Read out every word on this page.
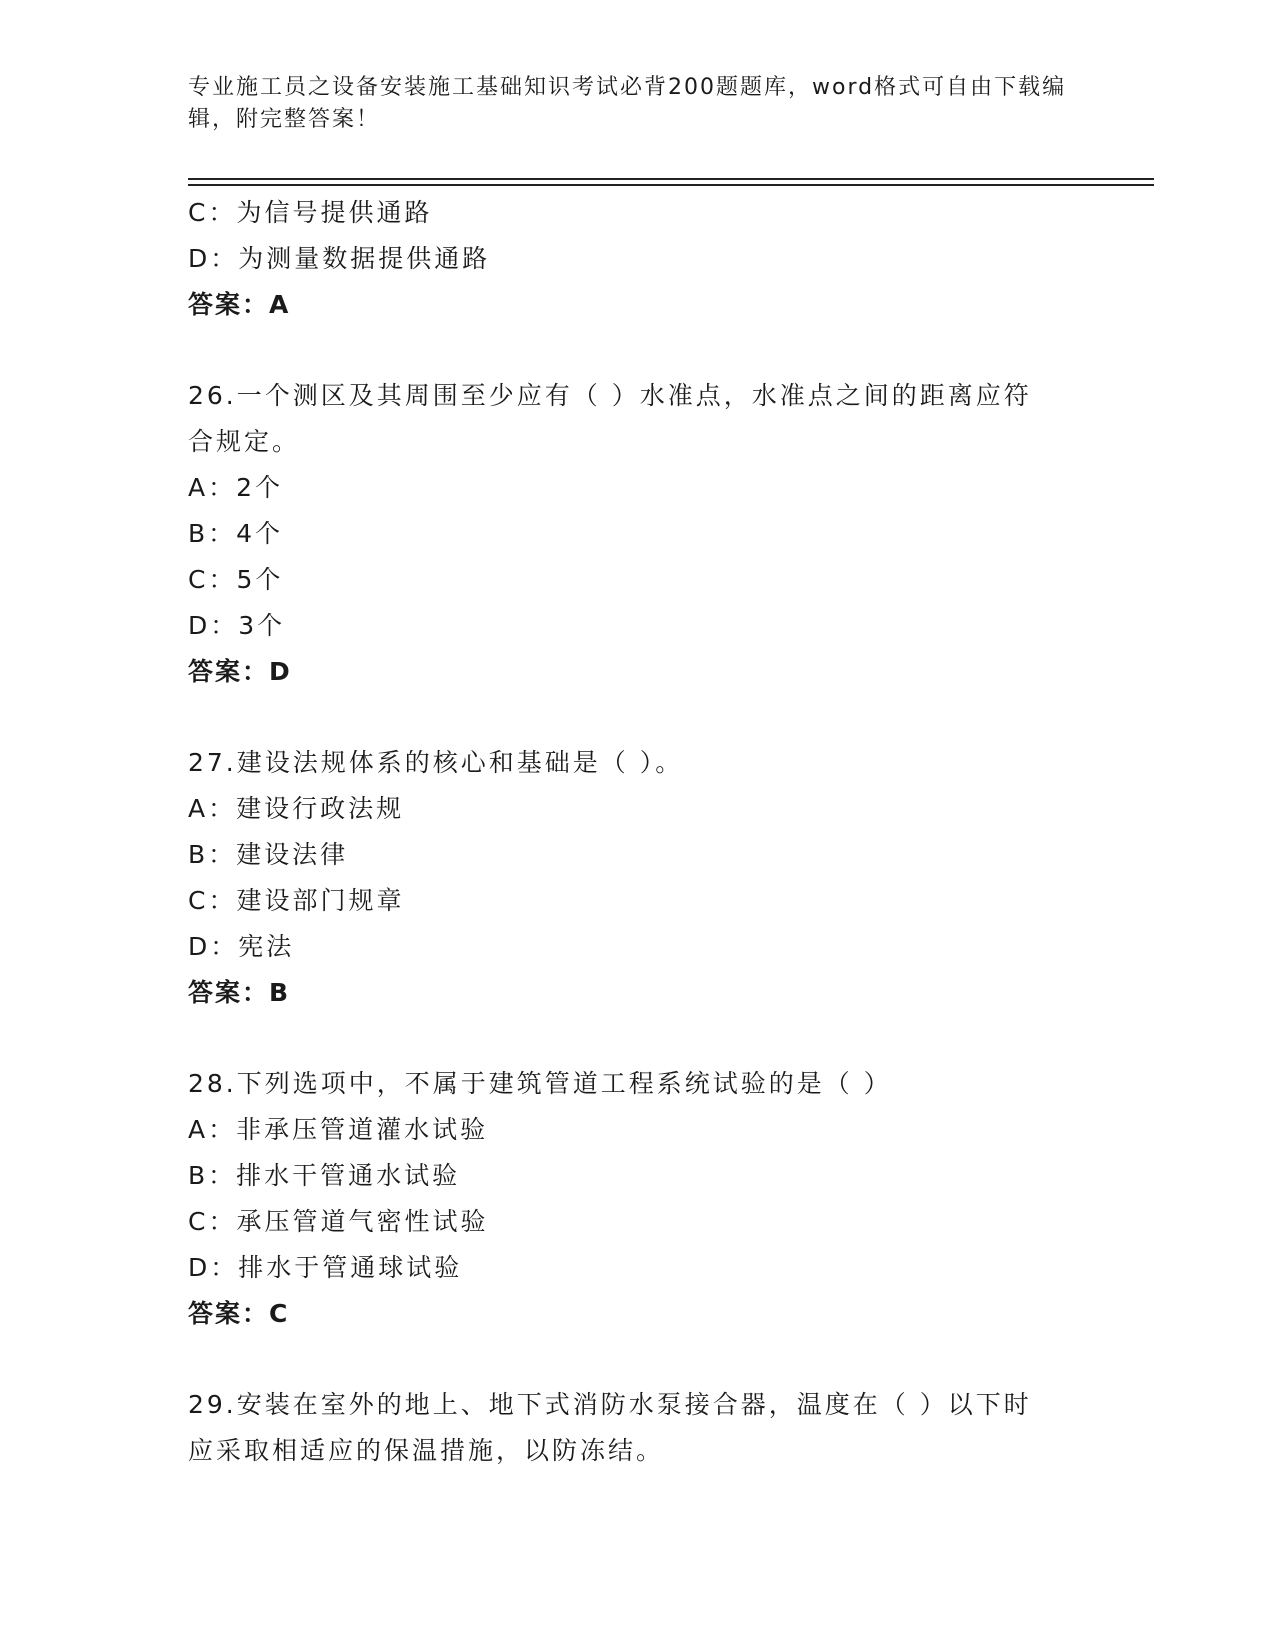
专业施工员之设备安装施工基础知识考试必背200题题库，word格式可自由下载编辑，附完整答案！
C：为信号提供通路
D：为测量数据提供通路
答案：A
26.一个测区及其周围至少应有（ ）水准点，水准点之间的距离应符
合规定。
A：2个
B：4个
C：5个
D：3个
答案：D
27.建设法规体系的核心和基础是（ ）。
A：建设行政法规
B：建设法律
C：建设部门规章
D：宪法
答案：B
28.下列选项中，不属于建筑管道工程系统试验的是（ ）
A：非承压管道灌水试验
B：排水干管通水试验
C：承压管道气密性试验
D：排水于管通球试验
答案：C
29.安装在室外的地上、地下式消防水泵接合器，温度在（ ）以下时
应采取相适应的保温措施，以防冻结。
